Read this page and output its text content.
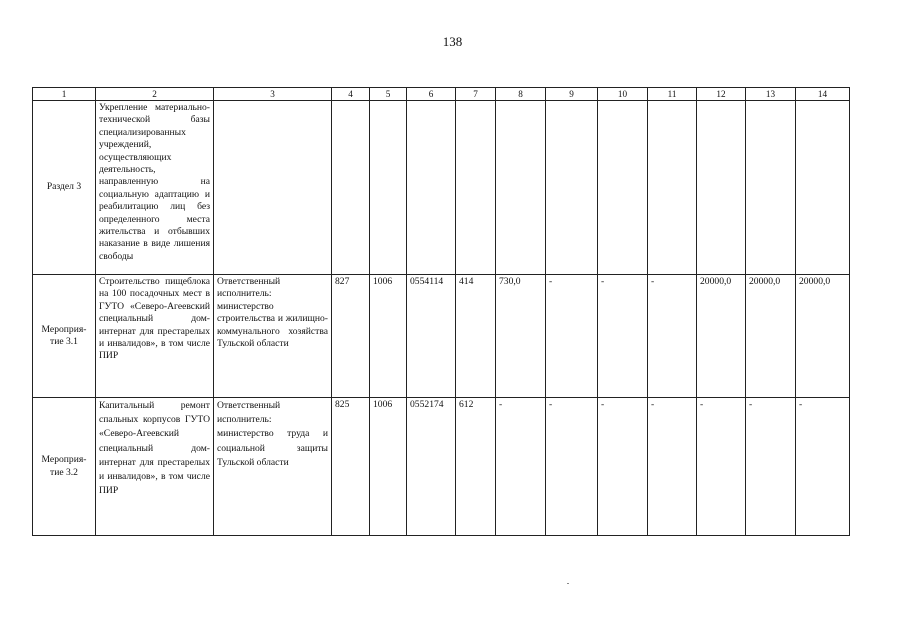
138
1	2	3	4	5	6	7	8	9	10	11	12	13	14
Раздел 3	Укрепление материально-технической базы специализированных учреждений, осуществляющих деятельность, направленную на социальную адаптацию и реабилитацию лиц без определенного места жительства и отбывших наказание в виде лишения свободы												
Мероприя-
тие 3.1	Строительство пищеблока на 100 посадочных мест в ГУТО «Северо-Агеевский специальный дом-интернат для престарелых и инвалидов», в том числе ПИР	Ответственный исполнитель: министерство строительства и жилищно-коммунального хозяйства Тульской области	827	1006	0554114	414	730,0	-	-	-	20000,0	20000,0	20000,0
Мероприя-
тие 3.2	Капитальный ремонт спальных корпусов ГУТО «Северо-Агеевский специальный дом-интернат для престарелых и инвалидов», в том числе ПИР	Ответственный исполнитель: министерство труда и социальной защиты Тульской области	825	1006	0552174	612	-	-	-	-	-	-	-
